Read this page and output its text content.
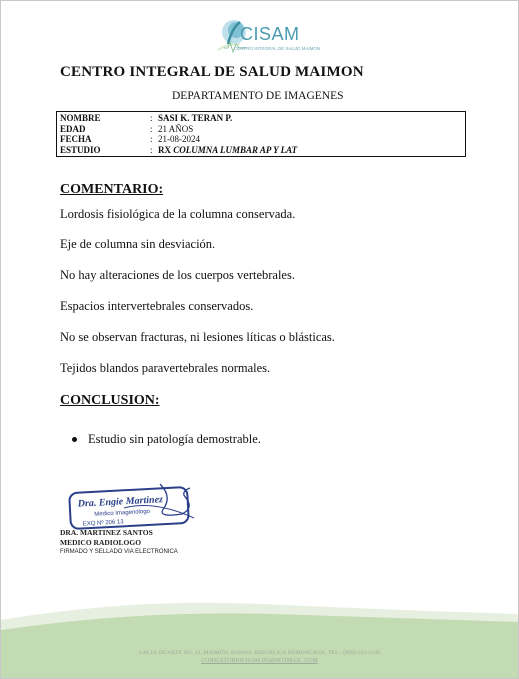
CISAM
CENTRO INTEGRAL DE SALUD MAIMON
CENTRO INTEGRAL DE SALUD MAIMON
DEPARTAMENTO DE IMAGENES
NOMBRE	: SASI K. TERAN P.
EDAD	: 21 AÑOS
FECHA	: 21-08-2024
ESTUDIO	: RX COLUMNA LUMBAR AP Y LAT
COMENTARIO:
Lordosis fisiológica de la columna conservada.
Eje de columna sin desviación.
No hay alteraciones de los cuerpos vertebrales.
Espacios intervertebrales conservados.
No se observan fracturas, ni lesiones líticas o blásticas.
Tejidos blandos paravertebrales normales.
CONCLUSION:
Estudio sin patología demostrable.
Dra. Engie Martinez
Medico Imagenologo
EXQ Nº 206 13
DRA. MARTINEZ SANTOS
MEDICO RADIOLOGO
FIRMADO Y SELLADO VIA ELECTRONICA
CALLE DUARTE NO. 13, MAIMÓN, BONAO, REPUBLICA DOMINICANA, TEL.: (809)-551-2196
CONSULTORIOCISAM.DO@HOTMAIL .COM
